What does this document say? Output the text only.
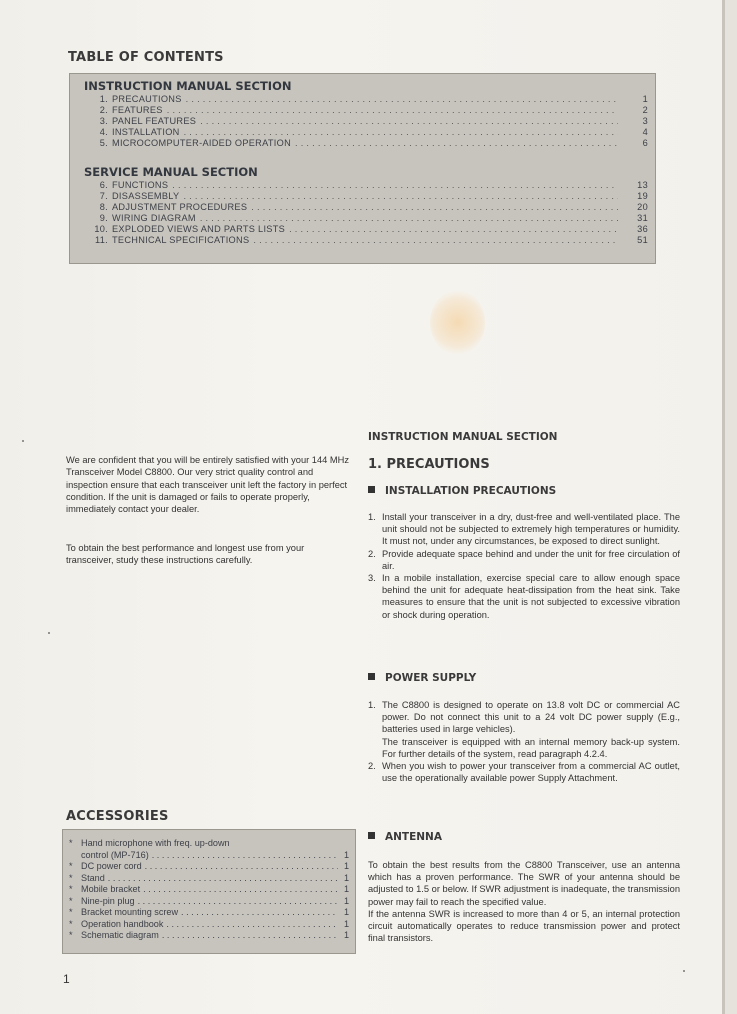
TABLE OF CONTENTS
INSTRUCTION MANUAL SECTION
1. PRECAUTIONS . . .	1
2. FEATURES . . .	2
3. PANEL FEATURES . . .	3
4. INSTALLATION . . .	4
5. MICROCOMPUTER-AIDED OPERATION . . .	6
SERVICE MANUAL SECTION
6. FUNCTIONS . . .	13
7. DISASSEMBLY . . .	19
8. ADJUSTMENT PROCEDURES . . .	20
9. WIRING DIAGRAM . . .	31
10. EXPLODED VIEWS AND PARTS LISTS . . .	36
11. TECHNICAL SPECIFICATIONS . . .	51
We are confident that you will be entirely satisfied with your 144 MHz Transceiver Model C8800. Our very strict quality control and inspection ensure that each transceiver unit left the factory in perfect condition. If the unit is damaged or fails to operate properly, immediately contact your dealer.
To obtain the best performance and longest use from your transceiver, study these instructions carefully.
ACCESSORIES
* Hand microphone with freq. up-down
control (MP-716) . . .	1
* DC power cord . . .	1
* Stand . . .	1
* Mobile bracket . . .	1
* Nine-pin plug . . .	1
* Bracket mounting screw . . .	1
* Operation handbook . . .	1
* Schematic diagram . . .	1
INSTRUCTION MANUAL SECTION
1. PRECAUTIONS
INSTALLATION PRECAUTIONS
1. Install your transceiver in a dry, dust-free and well-ventilated place. The unit should not be subjected to extremely high temperatures or humidity. It must not, under any circumstances, be exposed to direct sunlight.
2. Provide adequate space behind and under the unit for free circulation of air.
3. In a mobile installation, exercise special care to allow enough space behind the unit for adequate heat-dissipation from the heat sink. Take measures to ensure that the unit is not subjected to excessive vibration or shock during operation.
POWER SUPPLY
1. The C8800 is designed to operate on 13.8 volt DC or commercial AC power. Do not connect this unit to a 24 volt DC power supply (E.g., batteries used in large vehicles).
The transceiver is equipped with an internal memory back-up system. For further details of the system, read paragraph 4.2.4.
2. When you wish to power your transceiver from a commercial AC outlet, use the operationally available power Supply Attachment.
ANTENNA
To obtain the best results from the C8800 Transceiver, use an antenna which has a proven performance. The SWR of your antenna should be adjusted to 1.5 or below. If SWR adjustment is inadequate, the transmission power may fail to reach the specified value.
If the antenna SWR is increased to more than 4 or 5, an internal protection circuit automatically operates to reduce transmission power and protect final transistors.
1
